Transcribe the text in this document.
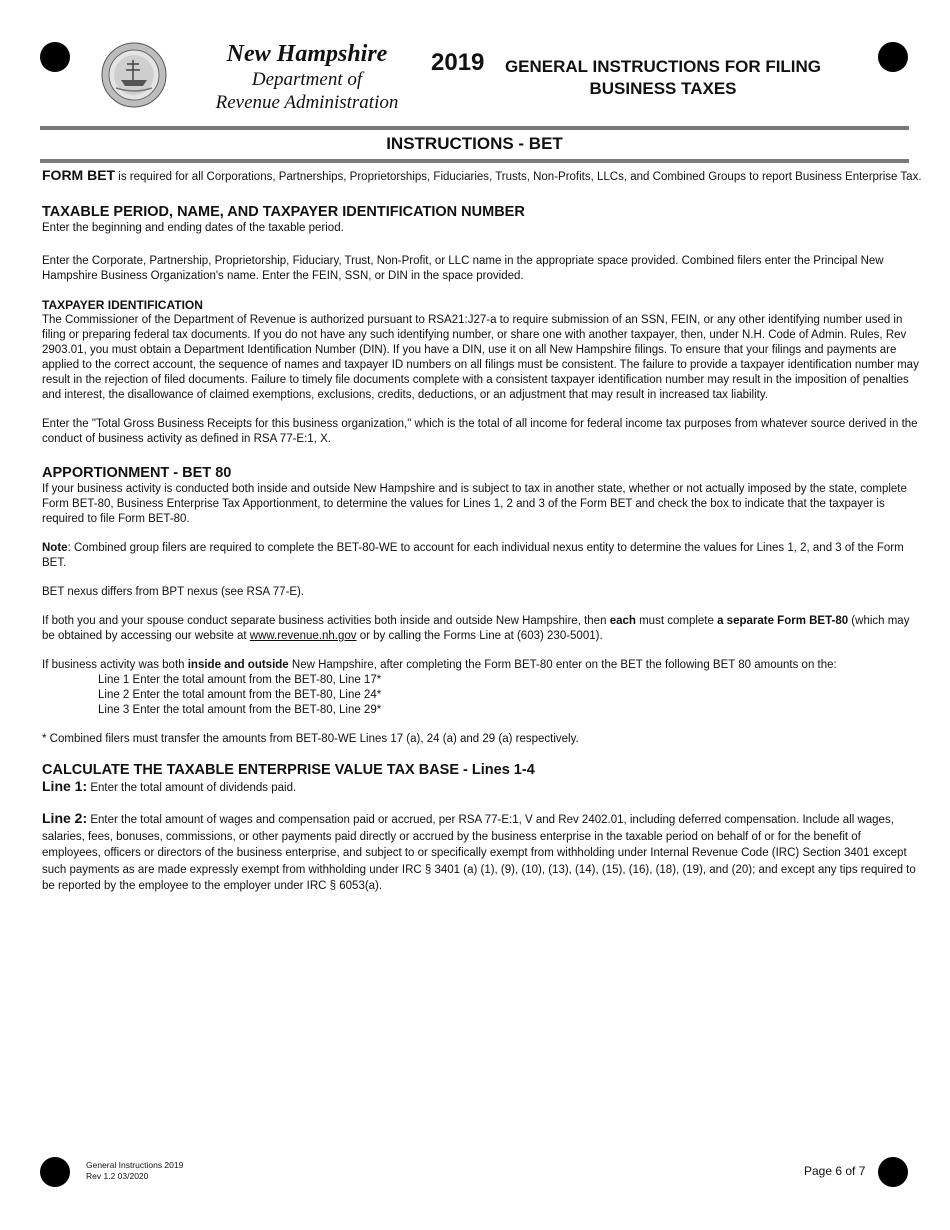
New Hampshire
Department of
Revenue Administration
2019	GENERAL INSTRUCTIONS FOR FILING
BUSINESS TAXES
INSTRUCTIONS - BET

FORM BET is required for all Corporations, Partnerships, Proprietorships, Fiduciaries, Trusts, Non-Profits, LLCs, and Combined Groups to report Business Enterprise Tax.

TAXABLE PERIOD, NAME, AND TAXPAYER IDENTIFICATION NUMBER

Enter the beginning and ending dates of the taxable period.

Enter the Corporate, Partnership, Proprietorship, Fiduciary, Trust, Non-Profit, or LLC name in the appropriate space provided. Combined filers enter the Principal New Hampshire Business Organization's name. Enter the FEIN, SSN, or DIN in the space provided.

TAXPAYER IDENTIFICATION

The Commissioner of the Department of Revenue is authorized pursuant to RSA21:J27-a to require submission of an SSN, FEIN, or any other identifying number used in filing or preparing federal tax documents. If you do not have any such identifying number, or share one with another taxpayer, then, under N.H. Code of Admin. Rules, Rev 2903.01, you must obtain a Department Identification Number (DIN). If you have a DIN, use it on all New Hampshire filings. To ensure that your filings and payments are applied to the correct account, the sequence of names and taxpayer ID numbers on all filings must be consistent. The failure to provide a taxpayer identification number may result in the rejection of filed documents. Failure to timely file documents complete with a consistent taxpayer identification number may result in the imposition of penalties and interest, the disallowance of claimed exemptions, exclusions, credits, deductions, or an adjustment that may result in increased tax liability.

Enter the "Total Gross Business Receipts for this business organization," which is the total of all income for federal income tax purposes from whatever source derived in the conduct of business activity as defined in RSA 77-E:1, X.

APPORTIONMENT - BET 80

If your business activity is conducted both inside and outside New Hampshire and is subject to tax in another state, whether or not actually imposed by the state, complete Form BET-80, Business Enterprise Tax Apportionment, to determine the values for Lines 1, 2 and 3 of the Form BET and check the box to indicate that the taxpayer is required to file Form BET-80.

Note: Combined group filers are required to complete the BET-80-WE to account for each individual nexus entity to determine the values for Lines 1, 2, and 3 of the Form BET.

BET nexus differs from BPT nexus (see RSA 77-E).

If both you and your spouse conduct separate business activities both inside and outside New Hampshire, then each must complete a separate Form BET-80 (which may be obtained by accessing our website at www.revenue.nh.gov or by calling the Forms Line at (603) 230-5001).

If business activity was both inside and outside New Hampshire, after completing the Form BET-80 enter on the BET the following BET 80 amounts on the:

Line 1 Enter the total amount from the BET-80, Line 17*

Line 2 Enter the total amount from the BET-80, Line 24*

Line 3 Enter the total amount from the BET-80, Line 29*

* Combined filers must transfer the amounts from BET-80-WE Lines 17 (a), 24 (a) and 29 (a) respectively.

CALCULATE THE TAXABLE ENTERPRISE VALUE TAX BASE - Lines 1-4

Line 1: Enter the total amount of dividends paid.

Line 2: Enter the total amount of wages and compensation paid or accrued, per RSA 77-E:1, V and Rev 2402.01, including deferred compensation. Include all wages, salaries, fees, bonuses, commissions, or other payments paid directly or accrued by the business enterprise in the taxable period on behalf of or for the benefit of employees, officers or directors of the business enterprise, and subject to or specifically exempt from withholding under Internal Revenue Code (IRC) Section 3401 except such payments as are made expressly exempt from withholding under IRC § 3401 (a) (1), (9), (10), (13), (14), (15), (16), (18), (19), and (20); and except any tips required to be reported by the employee to the employer under IRC § 6053(a).

General Instructions 2019
Rev 1.2 03/2020	Page 6 of 7
